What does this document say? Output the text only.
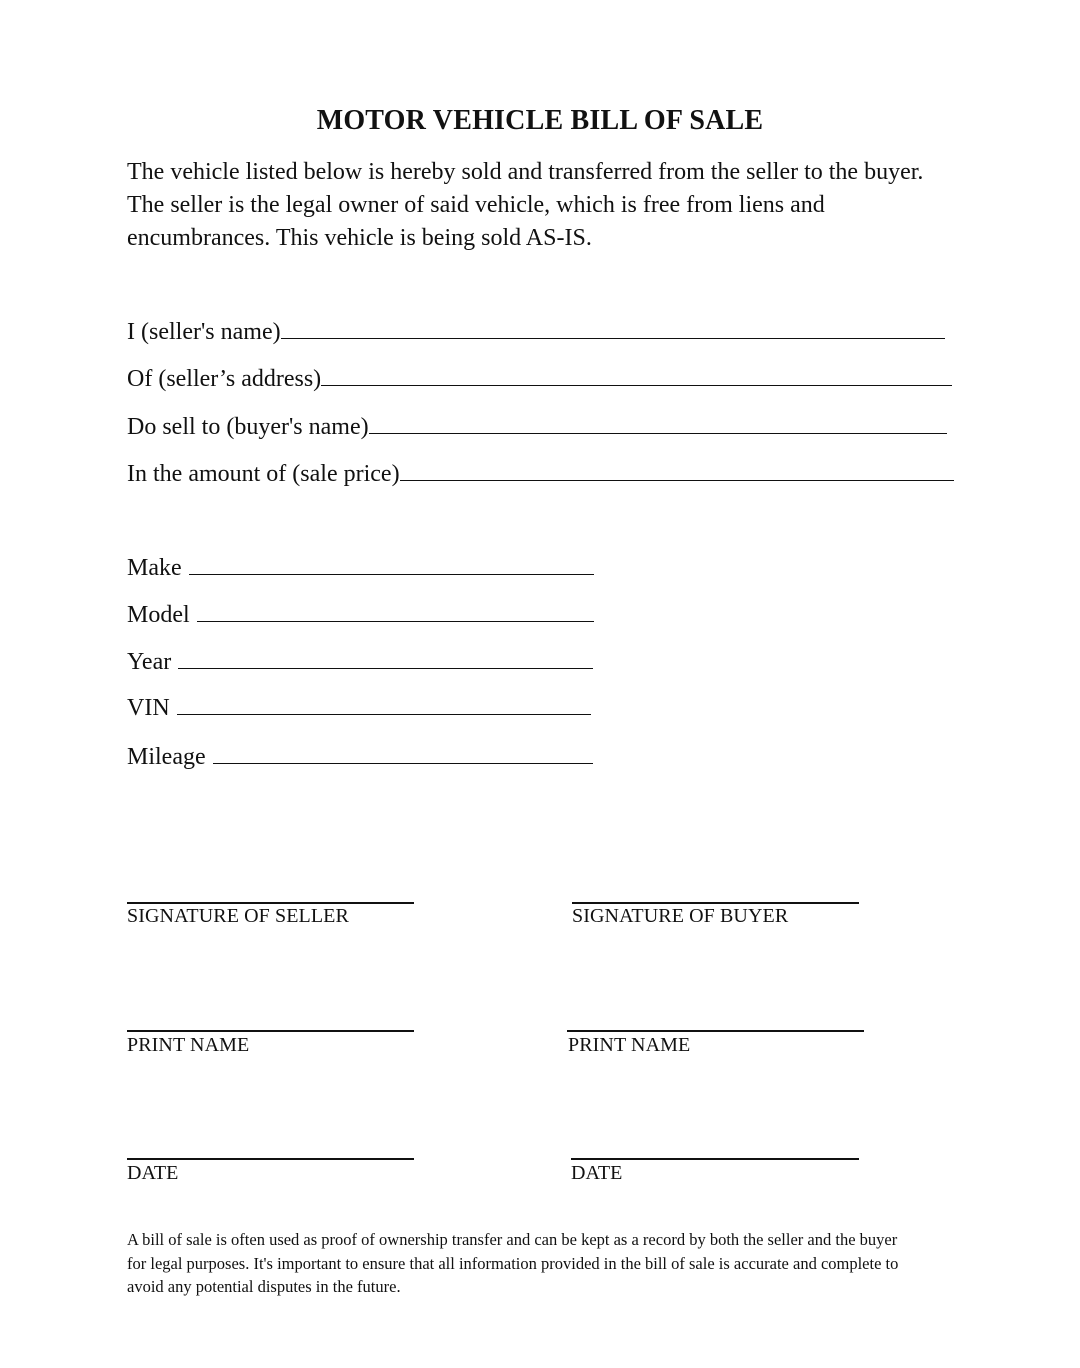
MOTOR VEHICLE BILL OF SALE
The vehicle listed below is hereby sold and transferred from the seller to the buyer.
The seller is the legal owner of said vehicle, which is free from liens and
encumbrances. This vehicle is being sold AS-IS.
I (seller's name)
Of (seller’s address)
Do sell to (buyer's name)
In the amount of (sale price)
Make
Model
Year
VIN
Mileage
SIGNATURE OF SELLER	SIGNATURE OF BUYER
PRINT NAME	PRINT NAME
DATE	DATE
A bill of sale is often used as proof of ownership transfer and can be kept as a record by both the seller and the buyer
for legal purposes. It's important to ensure that all information provided in the bill of sale is accurate and complete to
avoid any potential disputes in the future.
